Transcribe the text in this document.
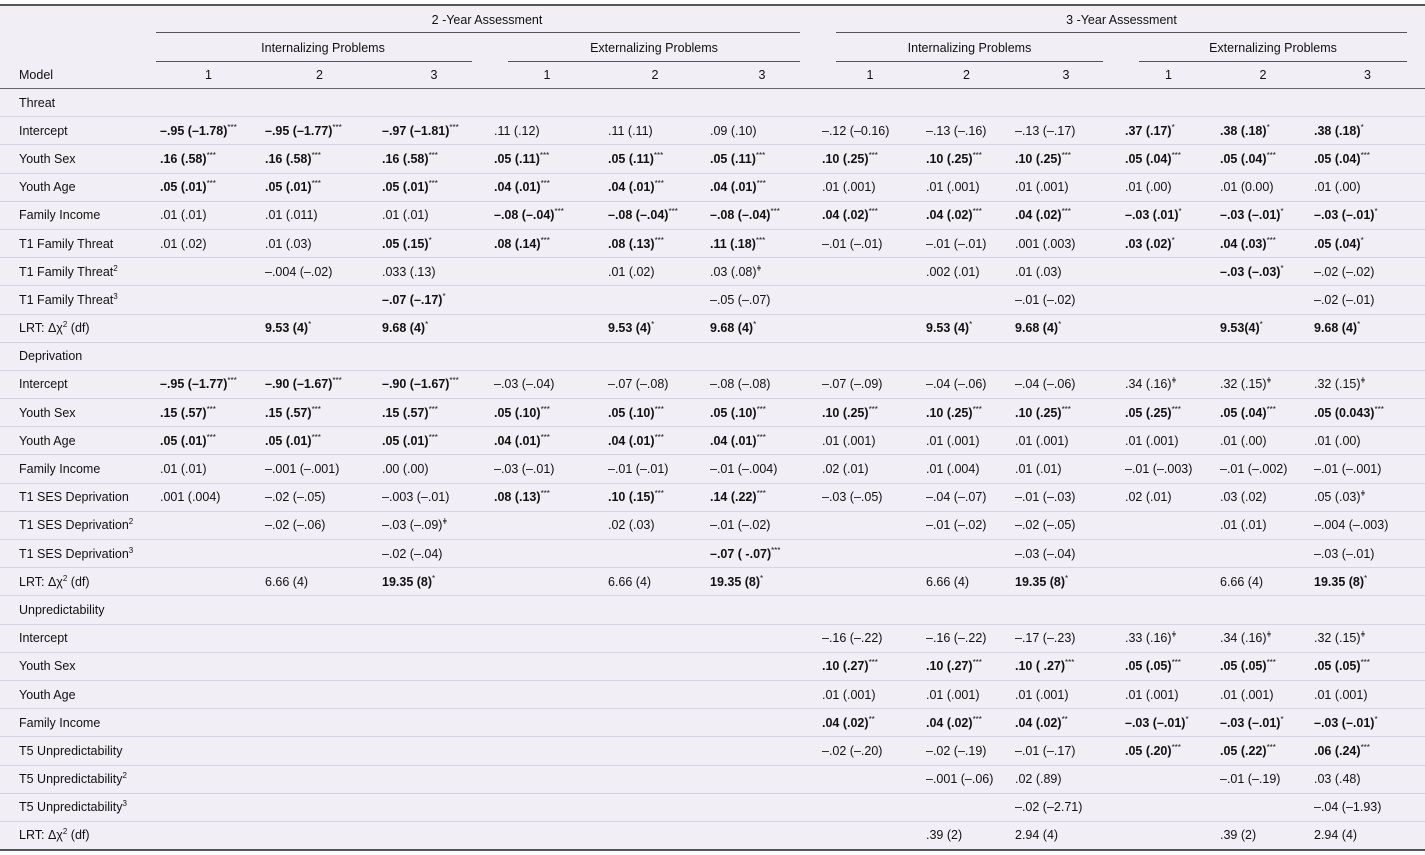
	2 -Year Assessment						3 -Year Assessment					
	Internalizing Problems			Externalizing Problems			Internalizing Problems			Externalizing Problems		
Model	1	2	3	1	2	3	1	2	3	1	2	3
Threat												
Intercept	–.95 (–1.78)***	–.95 (–1.77)***	–.97 (–1.81)***	.11 (.12)	.11 (.11)	.09 (.10)	–.12 (–0.16)	–.13 (–.16)	–.13 (–.17)	.37 (.17)*	.38 (.18)*	.38 (.18)*
Youth Sex	.16 (.58)***	.16 (.58)***	.16 (.58)***	.05 (.11)***	.05 (.11)***	.05 (.11)***	.10 (.25)***	.10 (.25)***	.10 (.25)***	.05 (.04)***	.05 (.04)***	.05 (.04)***
Youth Age	.05 (.01)***	.05 (.01)***	.05 (.01)***	.04 (.01)***	.04 (.01)***	.04 (.01)***	.01 (.001)	.01 (.001)	.01 (.001)	.01 (.00)	.01 (0.00)	.01 (.00)
Family Income	.01 (.01)	.01 (.011)	.01 (.01)	–.08 (–.04)***	–.08 (–.04)***	–.08 (–.04)***	.04 (.02)***	.04 (.02)***	.04 (.02)***	–.03 (.01)*	–.03 (–.01)*	–.03 (–.01)*
T1 Family Threat	.01 (.02)	.01 (.03)	.05 (.15)*	.08 (.14)***	.08 (.13)***	.11 (.18)***	–.01 (–.01)	–.01 (–.01)	.001 (.003)	.03 (.02)*	.04 (.03)***	.05 (.04)*
T1 Family Threat$^2$		–.004 (–.02)	.033 (.13)		.01 (.02)	.03 $(.08)^ǂ$		.002 (.01)	.01 (.03)		–.03 (–.03)*	–.02 (–.02)
T1 Family Threat$^3$			–.07 (–.17)*			–.05 (–.07)			–.01 (–.02)			–.02 (–.01)
LRT: $\Delta\chi^2$ (df)		9.53 (4)*	9.68 (4)*		9.53 (4)*	9.68 (4)*		9.53 (4)*	9.68 (4)*		9.53(4)*	9.68 (4)*
Deprivation												
Intercept	–.95 (–1.77)***	–.90 (–1.67)***	–.90 (–1.67)***	–.03 (–.04)	–.07 (–.08)	–.08 (–.08)	–.07 (–.09)	–.04 (–.06)	–.04 (–.06)	.34 $(.16)^ǂ$	.32 $(.15)^ǂ$	.32 $(.15)^ǂ$
Youth Sex	.15 (.57)***	.15 (.57)***	.15 (.57)***	.05 (.10)***	.05 (.10)***	.05 (.10)***	.10 (.25)***	.10 (.25)***	.10 (.25)***	.05 (.25)***	.05 (.04)***	.05 (0.043)***
Youth Age	.05 (.01)***	.05 (.01)***	.05 (.01)***	.04 (.01)***	.04 (.01)***	.04 (.01)***	.01 (.001)	.01 (.001)	.01 (.001)	.01 (.001)	.01 (.00)	.01 (.00)
Family Income	.01 (.01)	–.001 (–.001)	.00 (.00)	–.03 (–.01)	–.01 (–.01)	–.01 (–.004)	.02 (.01)	.01 (.004)	.01 (.01)	–.01 (–.003)	–.01 (–.002)	–.01 (–.001)
T1 SES Deprivation	.001 (.004)	–.02 (–.05)	–.003 (–.01)	.08 (.13)***	.10 (.15)***	.14 (.22)***	–.03 (–.05)	–.04 (–.07)	–.01 (–.03)	.02 (.01)	.03 (.02)	.05 $(.03)^ǂ$
T1 SES Deprivation$^2$		–.02 (–.06)	–.03 $(-.09)^ǂ$		.02 (.03)	–.01 (–.02)		–.01 (–.02)	–.02 (–.05)		.01 (.01)	–.004 (–.003)
T1 SES Deprivation$^3$			–.02 (–.04)			–.07 ( -.07)***			–.03 (–.04)			–.03 (–.01)
LRT: $\Delta\chi^2$ (df)		6.66 (4)	19.35 (8)*		6.66 (4)	19.35 (8)*		6.66 (4)	19.35 (8)*		6.66 (4)	19.35 (8)*
Unpredictability												
Intercept							–.16 (–.22)	–.16 (–.22)	–.17 (–.23)	.33 $(.16)^ǂ$	.34 $(.16)^ǂ$	.32 $(.15)^ǂ$
Youth Sex							.10 (.27)***	.10 (.27)***	.10 ( .27)***	.05 (.05)***	.05 (.05)***	.05 (.05)***
Youth Age							.01 (.001)	.01 (.001)	.01 (.001)	.01 (.001)	.01 (.001)	.01 (.001)
Family Income							.04 (.02)**	.04 (.02)***	.04 (.02)**	–.03 (–.01)*	–.03 (–.01)*	–.03 (–.01)*
T5 Unpredictability							–.02 (–.20)	–.02 (–.19)	–.01 (–.17)	.05 (.20)***	.05 (.22)***	.06 (.24)***
T5 Unpredictability$^2$								–.001 (–.06)	.02 (.89)		–.01 (–.19)	.03 (.48)
T5 Unpredictability$^3$									–.02 (–2.71)			–.04 (–1.93)
LRT: $\Delta\chi^2$ (df)								.39 (2)	2.94 (4)		.39 (2)	2.94 (4)
